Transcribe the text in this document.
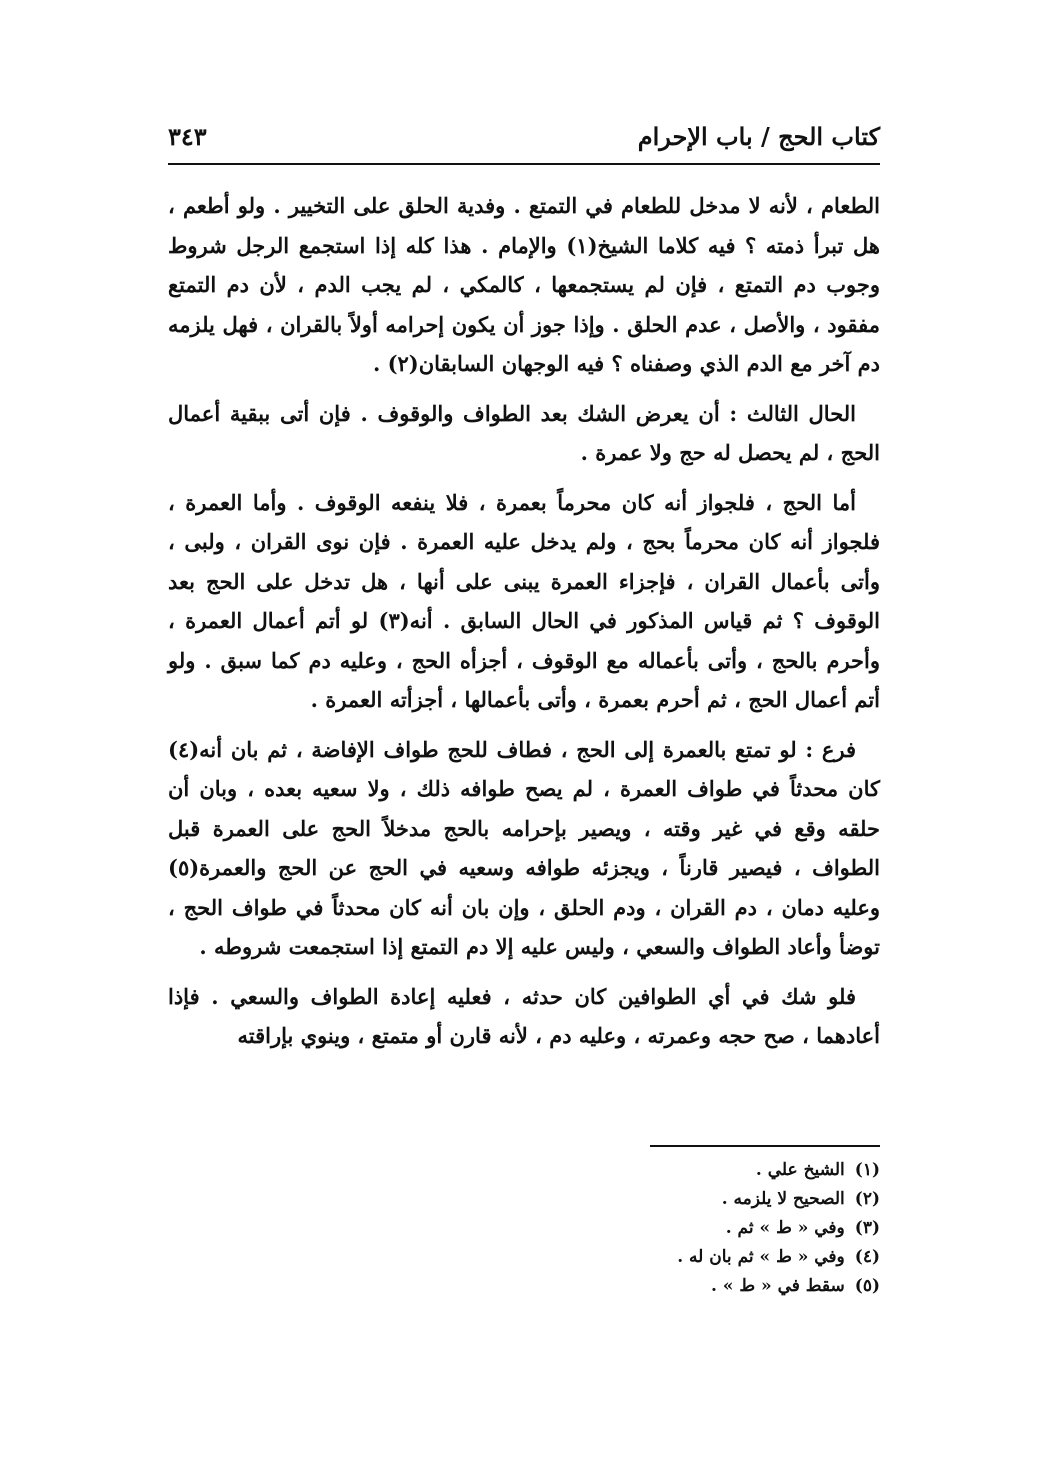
كتاب الحج / باب الإحرام
٣٤٣

الطعام ، لأنه لا مدخل للطعام في التمتع . وفدية الحلق على التخيير . ولو أطعم ، هل تبرأ ذمته ؟ فيه كلاما الشيخ(١) والإمام . هذا كله إذا استجمع الرجل شروط وجوب دم التمتع ، فإن لم يستجمعها ، كالمكي ، لم يجب الدم ، لأن دم التمتع مفقود ، والأصل ، عدم الحلق . وإذا جوز أن يكون إحرامه أولاً بالقران ، فهل يلزمه دم آخر مع الدم الذي وصفناه ؟ فيه الوجهان السابقان(٢) .

الحال الثالث : أن يعرض الشك بعد الطواف والوقوف . فإن أتى ببقية أعمال الحج ، لم يحصل له حج ولا عمرة .

أما الحج ، فلجواز أنه كان محرماً بعمرة ، فلا ينفعه الوقوف . وأما العمرة ، فلجواز أنه كان محرماً بحج ، ولم يدخل عليه العمرة . فإن نوى القران ، ولبى ، وأتى بأعمال القران ، فإجزاء العمرة يبنى على أنها ، هل تدخل على الحج بعد الوقوف ؟ ثم قياس المذكور في الحال السابق . أنه(٣) لو أتم أعمال العمرة ، وأحرم بالحج ، وأتى بأعماله مع الوقوف ، أجزأه الحج ، وعليه دم كما سبق . ولو أتم أعمال الحج ، ثم أحرم بعمرة ، وأتى بأعمالها ، أجزأته العمرة .

فرع : لو تمتع بالعمرة إلى الحج ، فطاف للحج طواف الإفاضة ، ثم بان أنه(٤) كان محدثاً في طواف العمرة ، لم يصح طوافه ذلك ، ولا سعيه بعده ، وبان أن حلقه وقع في غير وقته ، ويصير بإحرامه بالحج مدخلاً الحج على العمرة قبل الطواف ، فيصير قارناً ، ويجزئه طوافه وسعيه في الحج عن الحج والعمرة(٥) وعليه دمان ، دم القران ، ودم الحلق ، وإن بان أنه كان محدثاً في طواف الحج ، توضأ وأعاد الطواف والسعي ، وليس عليه إلا دم التمتع إذا استجمعت شروطه .

فلو شك في أي الطوافين كان حدثه ، فعليه إعادة الطواف والسعي . فإذا أعادهما ، صح حجه وعمرته ، وعليه دم ، لأنه قارن أو متمتع ، وينوي بإراقته

(١)الشيخ علي .
(٢)الصحيح لا يلزمه .
(٣)وفي « ط » ثم .
(٤)وفي « ط » ثم بان له .
(٥)سقط في « ط » .
